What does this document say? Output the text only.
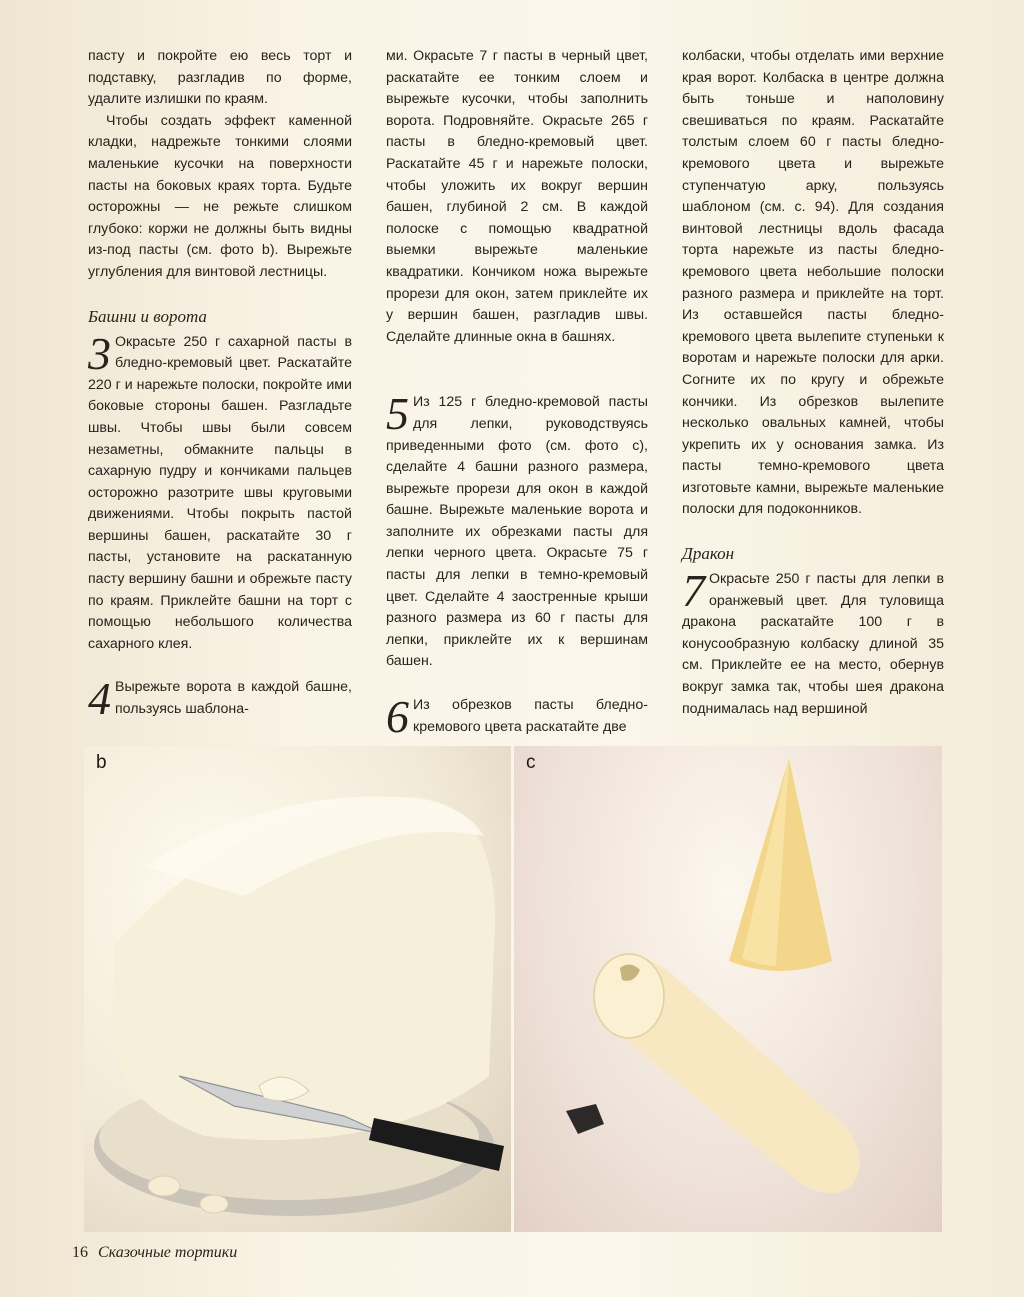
пасту и покройте ею весь торт и подставку, разгладив по форме, удалите излишки по краям.

Чтобы создать эффект каменной кладки, надрежьте тонкими слоями маленькие кусочки на поверхности пасты на боковых краях торта. Будьте осторожны — не режьте слишком глубоко: коржи не должны быть видны из-под пасты (см. фото b). Вырежьте углубления для винтовой лестницы.

Башни и ворота
3 Окрасьте 250 г сахарной пасты в бледно-кремовый цвет. Раскатайте 220 г и нарежьте полоски, покройте ими боковые стороны башен. Разгладьте швы. Чтобы швы были совсем незаметны, обмакните пальцы в сахарную пудру и кончиками пальцев осторожно разотрите швы круговыми движениями. Чтобы покрыть пастой вершины башен, раскатайте 30 г пасты, установите на раскатанную пасту вершину башни и обрежьте пасту по краям. Приклейте башни на торт с помощью небольшого количества сахарного клея.
4 Вырежьте ворота в каждой башне, пользуясь шаблона-

ми. Окрасьте 7 г пасты в черный цвет, раскатайте ее тонким слоем и вырежьте кусочки, чтобы заполнить ворота. Подровняйте. Окрасьте 265 г пасты в бледно-кремовый цвет. Раскатайте 45 г и нарежьте полоски, чтобы уложить их вокруг вершин башен, глубиной 2 см. В каждой полоске с помощью квадратной выемки вырежьте маленькие квадратики. Кончиком ножа вырежьте прорези для окон, затем приклейте их у вершин башен, разгладив швы. Сделайте длинные окна в башнях.

5 Из 125 г бледно-кремовой пасты для лепки, руководствуясь приведенными фото (см. фото с), сделайте 4 башни разного размера, вырежьте прорези для окон в каждой башне. Вырежьте маленькие ворота и заполните их обрезками пасты для лепки черного цвета. Окрасьте 75 г пасты для лепки в темно-кремовый цвет. Сделайте 4 заостренные крыши разного размера из 60 г пасты для лепки, приклейте их к вершинам башен.
6 Из обрезков пасты бледно-кремового цвета раскатайте две

колбаски, чтобы отделать ими верхние края ворот. Колбаска в центре должна быть тоньше и наполовину свешиваться по краям. Раскатайте толстым слоем 60 г пасты бледно-кремового цвета и вырежьте ступенчатую арку, пользуясь шаблоном (см. с. 94). Для создания винтовой лестницы вдоль фасада торта нарежьте из пасты бледно-кремового цвета небольшие полоски разного размера и приклейте на торт. Из оставшейся пасты бледно-кремового цвета вылепите ступеньки к воротам и нарежьте полоски для арки. Согните их по кругу и обрежьте кончики. Из обрезков вылепите несколько овальных камней, чтобы укрепить их у основания замка. Из пасты темно-кремового цвета изготовьте камни, вырежьте маленькие полоски для подоконников.

Дракон
7 Окрасьте 250 г пасты для лепки в оранжевый цвет. Для туловища дракона раскатайте 100 г в конусообразную колбаску длиной 35 см. Приклейте ее на место, обернув вокруг замка так, чтобы шея дракона поднималась над вершиной
b	c
16 Сказочные тортики
